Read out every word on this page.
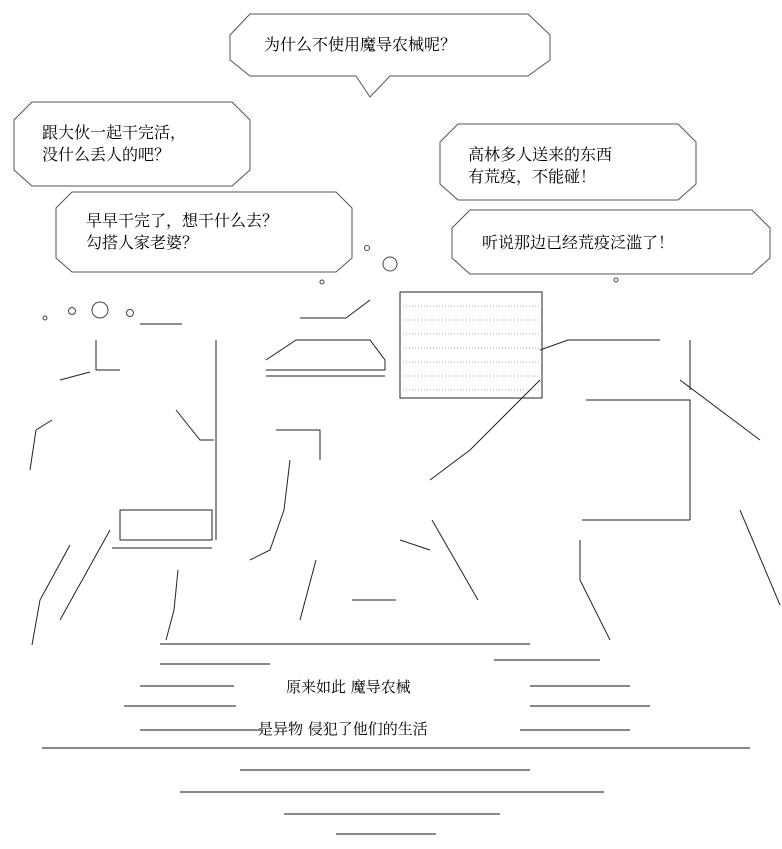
为什么不使用魔导农械呢？
跟大伙一起干完活，
没什么丢人的吧？
早早干完了，想干什么去？
勾搭人家老婆？
高林多人送来的东西
有荒疫，不能碰！
听说那边已经荒疫泛滥了！
原来如此 魔导农械
是异物 侵犯了他们的生活
